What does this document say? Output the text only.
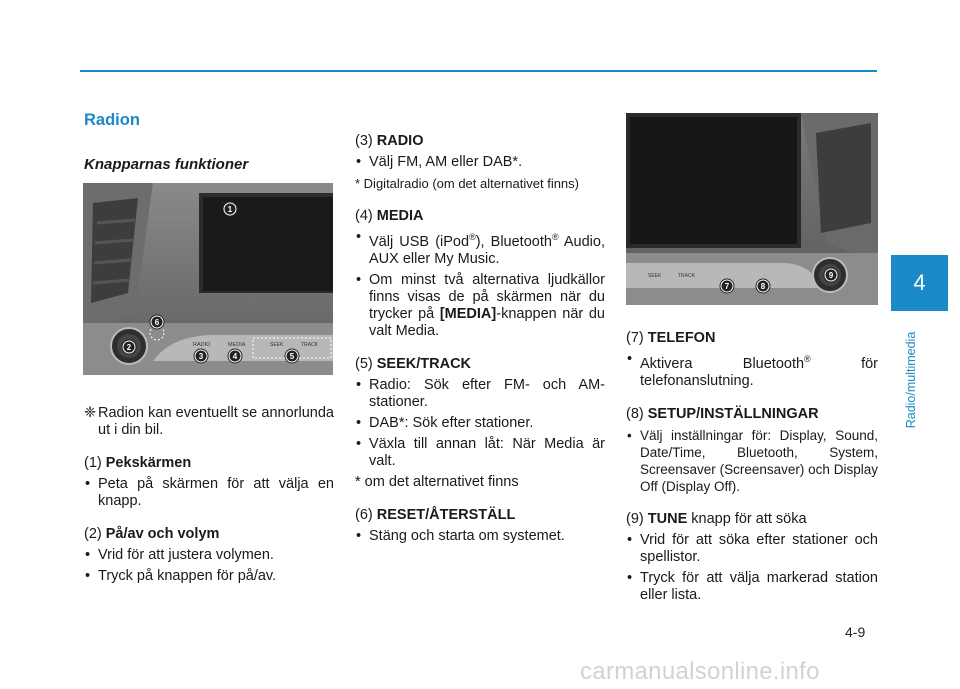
Radion
Knapparnas funktioner
RADIO	MEDIA	SEEK	TRACK
1
2
3	4	5
6
SEEK	TRACK
7	8
9
❈ Radion kan eventuellt se annorlunda ut i din bil.

(1) Pekskärmen

• Peta på skärmen för att välja en knapp.

(2) På/av och volym

• Vrid för att justera volymen.
• Tryck på knappen för på/av.

(3) RADIO

• Välj FM, AM eller DAB*.
* Digitalradio (om det alternativet finns)

(4) MEDIA

• Välj USB (iPod®), Bluetooth® Audio, AUX eller My Music.
• Om minst två alternativa ljudkällor finns visas de på skärmen när du trycker på [MEDIA]-knappen när du valt Media.

(5) SEEK/TRACK

• Radio: Sök efter FM- och AM-stationer.
• DAB*: Sök efter stationer.
• Växla till annan låt: När Media är valt.
* om det alternativet finns

(6) RESET/ÅTERSTÄLL

• Stäng och starta om systemet.

(7) TELEFON

• Aktivera Bluetooth® för telefonanslutning.

(8) SETUP/INSTÄLLNINGAR

• Välj inställningar för: Display, Sound, Date/Time, Bluetooth, System, Screensaver (Screensaver) och Display Off (Display Off).

(9) TUNE knapp för att söka

• Vrid för att söka efter stationer och spellistor.
• Tryck för att välja markerad station eller lista.
4
Radio/multimedia
4-9
carmanualsonline.info
